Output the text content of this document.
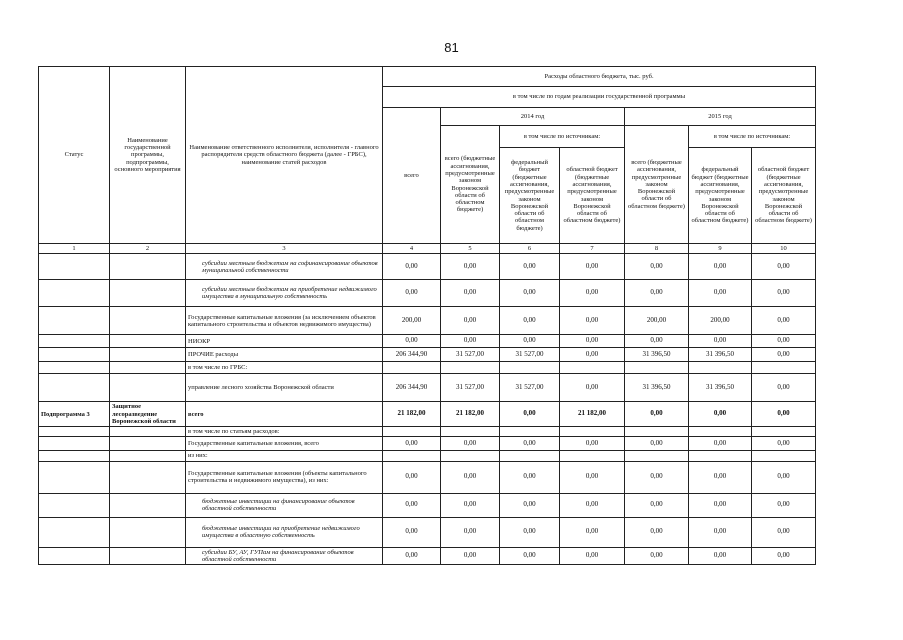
81
Статус	Наименование государственной программы, подпрограммы, основного мероприятия	Наименование ответственного исполнителя, исполнителя - главного распорядителя средств областного бюджета (далее - ГРБС), наименование статей расходов	Расходы областного бюджета, тыс. руб.						
			в том числе по годам реализации государственной программы						
			всего	2014 год			2015 год		
				всего (бюджетные ассигнования, предусмотренные законом Воронежской области об областном бюджете)	в том числе по источникам:		всего (бюджетные ассигнования, предусмотренные законом Воронежской области об областном бюджете)	в том числе по источникам:	
					федеральный бюджет (бюджетные ассигнования, предусмотренные законом Воронежской области об областном бюджете)	областной бюджет (бюджетные ассигнования, предусмотренные законом Воронежской области об областном бюджете)		федеральный бюджет (бюджетные ассигнования, предусмотренные законом Воронежской области об областном бюджете)	областной бюджет (бюджетные ассигнования, предусмотренные законом Воронежской области об областном бюджете)

1	2	3	4	5	6	7	8	9	10
		субсидии местным бюджетам на софинансирование объектов муниципальной собственности	0,00	0,00	0,00	0,00	0,00	0,00	0,00
		субсидии местным бюджетам на приобретение недвижимого имущества в муниципальную собственность	0,00	0,00	0,00	0,00	0,00	0,00	0,00
		Государственные капитальные вложения (за исключением объектов капитального строительства и объектов недвижимого имущества)	200,00	0,00	0,00	0,00	200,00	200,00	0,00
		НИОКР	0,00	0,00	0,00	0,00	0,00	0,00	0,00
		ПРОЧИЕ расходы	206 344,90	31 527,00	31 527,00	0,00	31 396,50	31 396,50	0,00
		в том числе по ГРБС:							
		управление лесного хозяйства Воронежской области	206 344,90	31 527,00	31 527,00	0,00	31 396,50	31 396,50	0,00
Подпрограмма 3	Защитное лесоразведение Воронежской области	всего	21 182,00	21 182,00	0,00	21 182,00	0,00	0,00	0,00
		в том числе по статьям расходов:							
		Государственные капитальные вложения, всего	0,00	0,00	0,00	0,00	0,00	0,00	0,00
		из них:							
		Государственные капитальные вложения (объекты капитального строительства и недвижимого имущества), из них:	0,00	0,00	0,00	0,00	0,00	0,00	0,00
		бюджетные инвестиции на финансирование объектов областной собственности	0,00	0,00	0,00	0,00	0,00	0,00	0,00
		бюджетные инвестиции на приобретение недвижимого имущества в областную собственность	0,00	0,00	0,00	0,00	0,00	0,00	0,00
		субсидии БУ, АУ, ГУПам на финансирование объектов областной собственности	0,00	0,00	0,00	0,00	0,00	0,00	0,00
